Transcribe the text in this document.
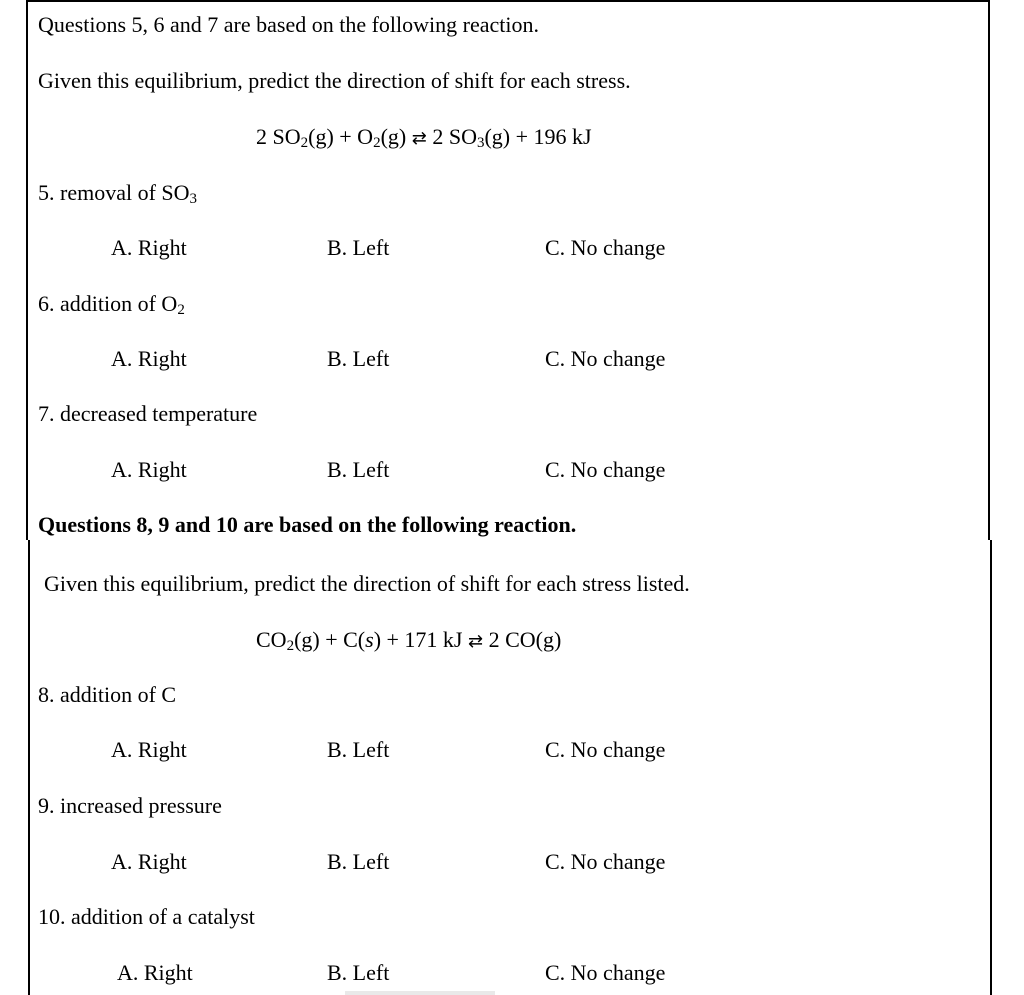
Questions 5, 6 and 7 are based on the following reaction.
Given this equilibrium, predict the direction of shift for each stress.
2 $SO_2(g) + O_2(g)$ ⇄ 2 $SO_3(g) + 196$ kJ
5. removal of $SO_3$
A. Right	B. Left	C. No change
6. addition of $O_2$
A. Right	B. Left	C. No change
7. decreased temperature
A. Right	B. Left	C. No change
Questions 8, 9 and 10 are based on the following reaction.
Given this equilibrium, predict the direction of shift for each stress listed.
$CO_2(g) + C(s) + 171$ kJ ⇄ 2 CO(g)
8. addition of C
A. Right	B. Left	C. No change
9. increased pressure
A. Right	B. Left	C. No change
10. addition of a catalyst
A. Right	B. Left	C. No change
